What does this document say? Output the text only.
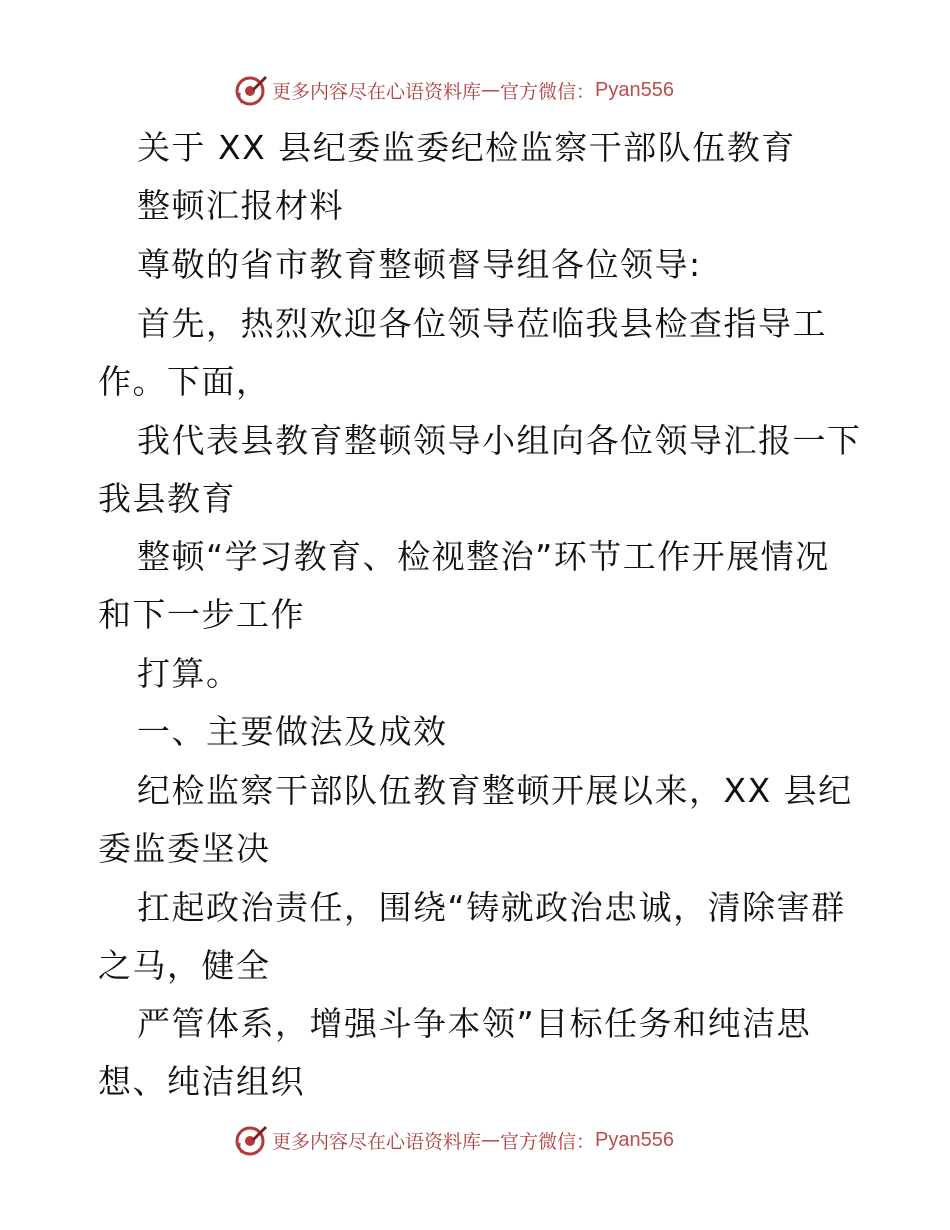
更多内容尽在心语资料库 — 官方微信： Pyan556
关于 XX 县纪委监委纪检监察干部队伍教育
整顿汇报材料
尊敬的省市教育整顿督导组各位领导:
首先，热烈欢迎各位领导莅临我县检查指导工
作。下面，
我代表县教育整顿领导小组向各位领导汇报一下
我县教育
整顿“学习教育、检视整治”环节工作开展情况
和下一步工作
打算。
一、主要做法及成效
纪检监察干部队伍教育整顿开展以来，XX 县纪
委监委坚决
扛起政治责任，围绕“铸就政治忠诚，清除害群
之马，健全
严管体系，增强斗争本领”目标任务和纯洁思
想、纯洁组织
更多内容尽在心语资料库 — 官方微信： Pyan556
